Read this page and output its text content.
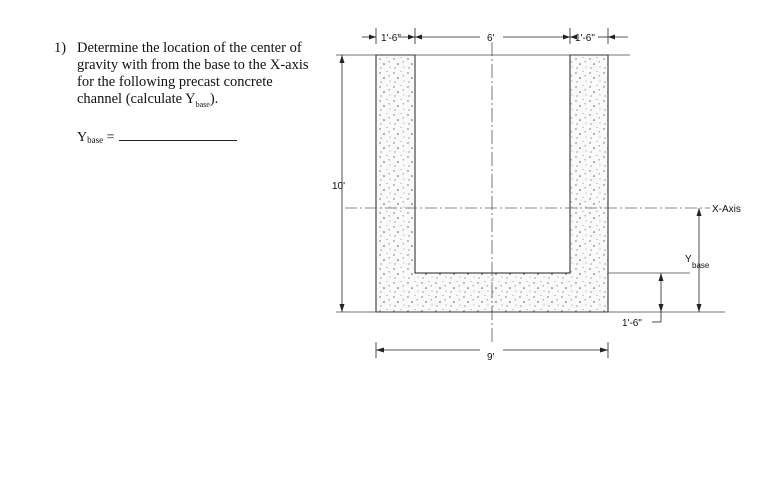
1) Determine the location of the center of gravity with from the base to the X-axis for the following precast concrete channel (calculate $Y_{base}$).
$Y_{base}$ =
X-Axis
1'-6"	6'	1'-6"
10'
9'
1'-6"
Y
base
